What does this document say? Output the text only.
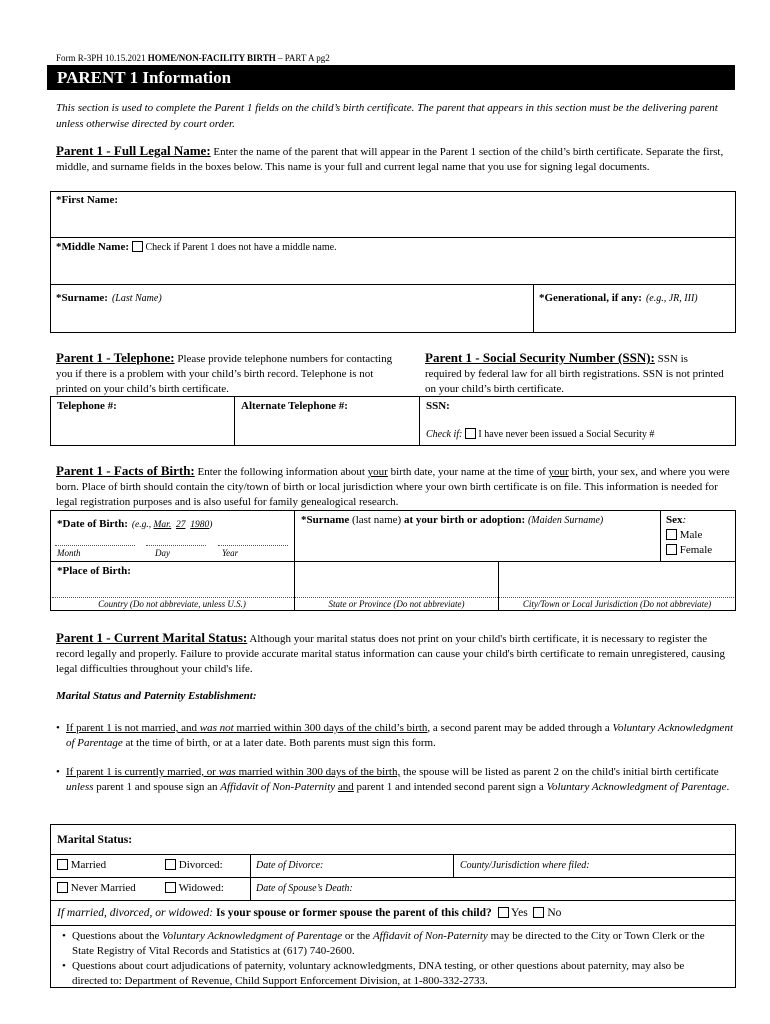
Form R-3PH 10.15.2021 HOME/NON-FACILITY BIRTH – PART A pg2
PARENT 1 Information
This section is used to complete the Parent 1 fields on the child’s birth certificate. The parent that appears in this section must be the delivering parent unless otherwise directed by court order.
Parent 1 - Full Legal Name: Enter the name of the parent that will appear in the Parent 1 section of the child’s birth certificate. Separate the first, middle, and surname fields in the boxes below. This name is your full and current legal name that you use for signing legal documents.
*First Name:
*Middle Name: Check if Parent 1 does not have a middle name.
*Surname: (Last Name)	*Generational, if any: (e.g., JR, III)
Parent 1 - Telephone: Please provide telephone numbers for contacting you if there is a problem with your child’s birth record. Telephone is not printed on your child’s birth certificate.
Parent 1 - Social Security Number (SSN): SSN is required by federal law for all birth registrations. SSN is not printed on your child’s birth certificate.
Telephone #:	Alternate Telephone #:	SSN:
Check if: I have never been issued a Social Security #
Parent 1 - Facts of Birth: Enter the following information about your birth date, your name at the time of your birth, your sex, and where you were born. Place of birth should contain the city/town of birth or local jurisdiction where your own birth certificate is on file. This information is needed for legal registration purposes and is also useful for family genealogical research.
*Date of Birth: (e.g., Mar. 27 1980)
Month	Day	Year
*Surname (last name) at your birth or adoption: (Maiden Surname)	Sex:
Male
Female
*Place of Birth:
Country (Do not abbreviate, unless U.S.)	State or Province (Do not abbreviate)	City/Town or Local Jurisdiction (Do not abbreviate)
Parent 1 - Current Marital Status: Although your marital status does not print on your child's birth certificate, it is necessary to register the record legally and properly. Failure to provide accurate marital status information can cause your child's birth certificate to remain unregistered, causing legal difficulties throughout your child's life.
Marital Status and Paternity Establishment:
• If parent 1 is not married, and was not married within 300 days of the child’s birth, a second parent may be added through a Voluntary Acknowledgment of Parentage at the time of birth, or at a later date. Both parents must sign this form.
• If parent 1 is currently married, or was married within 300 days of the birth, the spouse will be listed as parent 2 on the child's initial birth certificate unless parent 1 and spouse sign an Affidavit of Non-Paternity and parent 1 and intended second parent sign a Voluntary Acknowledgment of Parentage.
Marital Status:
Married	Divorced:	Date of Divorce:	County/Jurisdiction where filed:
Never Married	Widowed:	Date of Spouse’s Death:
If married, divorced, or widowed: Is your spouse or former spouse the parent of this child? Yes No
• Questions about the Voluntary Acknowledgment of Parentage or the Affidavit of Non-Paternity may be directed to the City or Town Clerk or the State Registry of Vital Records and Statistics at (617) 740-2600.
• Questions about court adjudications of paternity, voluntary acknowledgments, DNA testing, or other questions about paternity, may also be directed to: Department of Revenue, Child Support Enforcement Division, at 1-800-332-2733.
